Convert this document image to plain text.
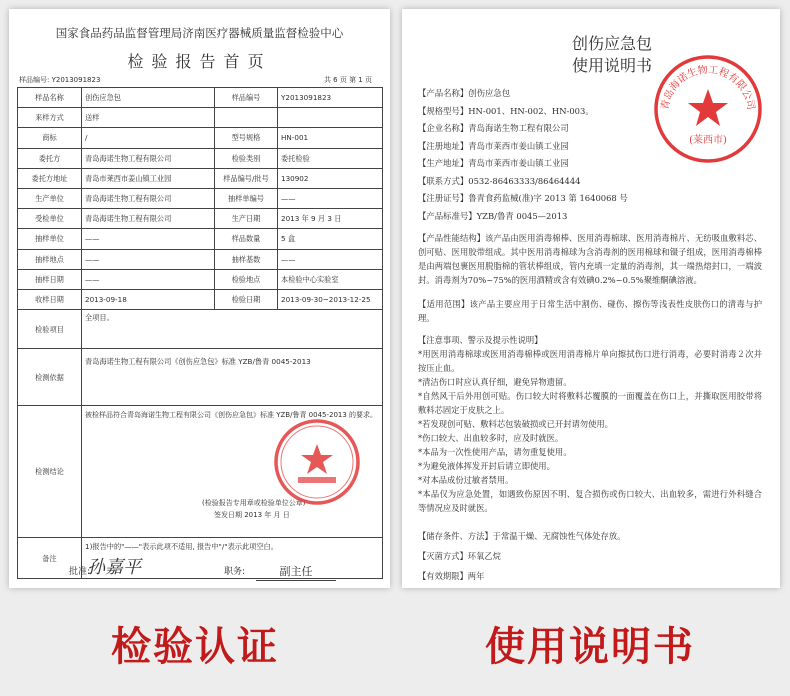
国家食品药品监督管理局济南医疗器械质量监督检验中心
检验报告首页
样品编号: Y2013091823	共 6 页 第 1 页
样品名称	创伤应急包	样品编号	Y2013091823
来样方式	送样		
商标	/	型号规格	HN-001
委托方	青岛海诺生物工程有限公司	检验类别	委托检验
委托方地址	青岛市莱西市姜山镇工业园	样品编号/批号	130902
生产单位	青岛海诺生物工程有限公司	抽样单编号	——
受检单位	青岛海诺生物工程有限公司	生产日期	2013 年 9 月 3 日
抽样单位	——	样品数量	5 盒
抽样地点	——	抽样基数	——
抽样日期	——	检验地点	本检验中心实验室
收样日期	2013-09-18	检验日期	2013-09-30~2013-12-25
检验项目	全项目。		
检测依据	青岛海诺生物工程有限公司《创伤应急包》标准 YZB/鲁青 0045-2013		
检测结论	被检样品符合青岛海诺生物工程有限公司《创伤应急包》标准 YZB/鲁青 0045-2013 的要求。
(检验报告专用章或检验单位公章)
签发日期 2013 年 月 日		

备注	1)报告中的"——"表示此项不适用, 报告中"/"表示此项空白。		
批准:
孙嘉平	职务:	副主任
创伤应急包
使用说明书
青岛海诺生物工程有限公司
(莱西市)
【产品名称】创伤应急包
【规格型号】HN-001、HN-002、HN-003。
【企业名称】青岛海诺生物工程有限公司
【注册地址】青岛市莱西市姜山镇工业园
【生产地址】青岛市莱西市姜山镇工业园
【联系方式】0532-86463333/86464444
【注册证号】鲁青食药监械(准)字 2013 第 1640068 号
【产品标准号】YZB/鲁青 0045—2013
【产品性能结构】该产品由医用消毒棉棒、医用消毒棉球、医用消毒棉片、无纺吸血敷料芯、创可贴、医用胶带组成。其中医用消毒棉球为含消毒剂的医用棉球和镊子组成，医用消毒棉棒是由两端包裹医用脱脂棉的管状棒组成，管内充填一定量的消毒剂，其一端热熔封口，一端波封。消毒剂为70%~75%的医用酒精或含有效碘0.2%~0.5%聚维酮碘溶液。
【适用范围】该产品主要应用于日常生活中割伤、碰伤、擦伤等浅表性皮肤伤口的清毒与护理。
【注意事项、警示及提示性说明】
*用医用消毒棉球或医用消毒棉棒或医用消毒棉片单向擦拭伤口进行消毒，必要时消毒２次并按压止血。
*清洁伤口时应认真仔细，避免异物遗留。
*自然风干后外用创可贴。伤口较大时将敷料芯覆膜的一面覆盖在伤口上，并撕取医用胶带将敷料芯固定于皮肤之上。
*若发现创可贴、敷料芯包装破损或已开封请勿使用。
*伤口较大、出血较多时，应及时就医。
*本品为一次性使用产品，请勿重复使用。
*为避免液体挥发开封后请立即使用。
*对本品成份过敏者禁用。
*本品仅为应急处置，如遇致伤原因不明、复合损伤或伤口较大、出血较多，需进行外科缝合等情况应及时就医。
【储存条件、方法】于常温干燥、无腐蚀性气体处存放。
【灭菌方式】环氧乙烷
【有效期限】两年
检验认证	使用说明书
